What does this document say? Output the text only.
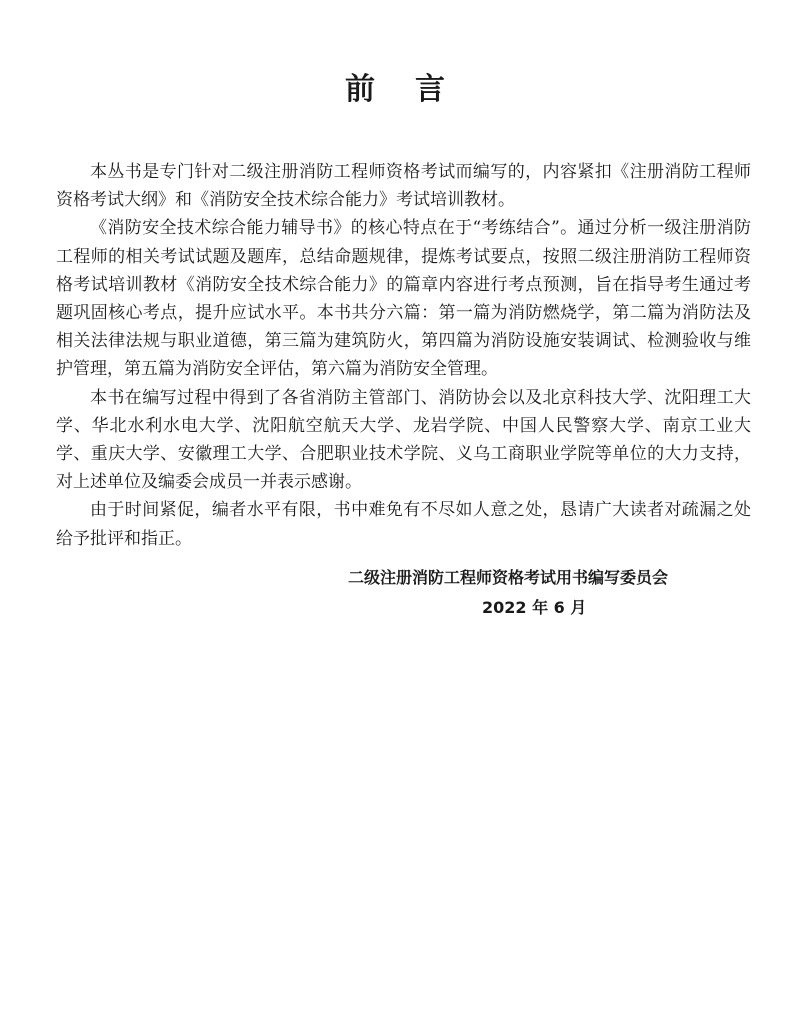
前言

本丛书是专门针对二级注册消防工程师资格考试而编写的，内容紧扣《注册消防工程师资格考试大纲》和《消防安全技术综合能力》考试培训教材。

《消防安全技术综合能力辅导书》的核心特点在于“考练结合”。通过分析一级注册消防工程师的相关考试试题及题库，总结命题规律，提炼考试要点，按照二级注册消防工程师资格考试培训教材《消防安全技术综合能力》的篇章内容进行考点预测，旨在指导考生通过考题巩固核心考点，提升应试水平。本书共分六篇：第一篇为消防燃烧学，第二篇为消防法及相关法律法规与职业道德，第三篇为建筑防火，第四篇为消防设施安装调试、检测验收与维护管理，第五篇为消防安全评估，第六篇为消防安全管理。

本书在编写过程中得到了各省消防主管部门、消防协会以及北京科技大学、沈阳理工大学、华北水利水电大学、沈阳航空航天大学、龙岩学院、中国人民警察大学、南京工业大学、重庆大学、安徽理工大学、合肥职业技术学院、义乌工商职业学院等单位的大力支持，对上述单位及编委会成员一并表示感谢。

由于时间紧促，编者水平有限，书中难免有不尽如人意之处，恳请广大读者对疏漏之处给予批评和指正。

二级注册消防工程师资格考试用书编写委员会
2022 年 6 月
